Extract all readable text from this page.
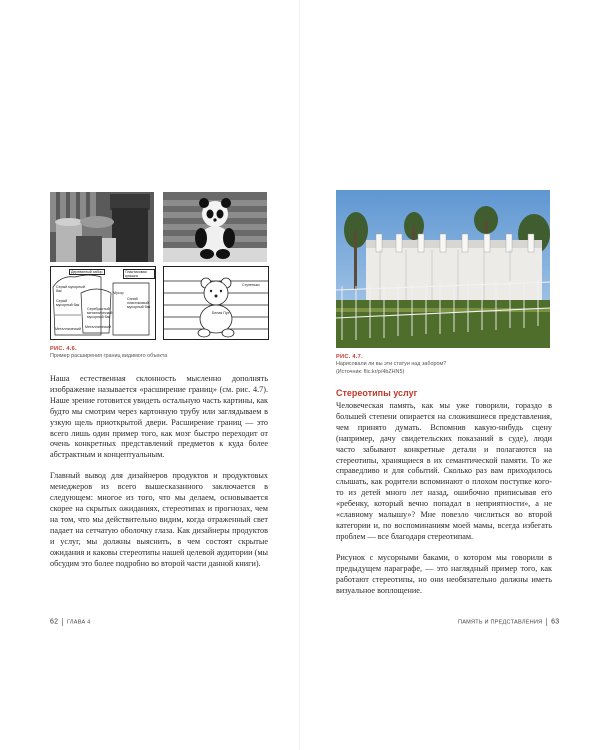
Деревянный забор	Пластиковая крышка
Серый мусорный бак
Серый мусорный бак
Мусор
Синий пластиковый мусорный бак
Серебристый металлический мусорный бак
Металлический
Металлический
Ступеньки
Белая Пух
РИС. 4.6.
Пример расширения границ видимого объекта

Наша естественная склонность мысленно дополнять изображение называется «расширение границ» (см. рис. 4.7). Наше зрение готовится увидеть остальную часть картины, как будто мы смотрим через картонную трубу или заглядываем в узкую щель приоткрытой двери. Расширение границ — это всего лишь один пример того, как мозг быстро переходит от очень конкретных представлений предметов к куда более абстрактным и концептуальным.

Главный вывод для дизайнеров продуктов и продуктовых менеджеров из всего вышесказанного заключается в следующем: многое из того, что мы делаем, основывается скорее на скрытых ожиданиях, стереотипах и прогнозах, чем на том, что мы действительно видим, когда отраженный свет падает на сетчатую оболочку глаза. Как дизайнеры продуктов и услуг, мы должны выяснить, в чем состоят скрытые ожидания и каковы стереотипы нашей целевой аудитории (мы обсудим это более подробно во второй части данной книги).

62 ГЛАВА 4
РИС. 4.7.
Нарисовали ли вы эти статуи над забором?
(Источник: flic.kr/p/4bZHN5)
Стереотипы услуг

Человеческая память, как мы уже говорили, гораздо в большей степени опирается на сложившиеся представления, чем принято думать. Вспомнив какую-нибудь сцену (например, дачу свидетельских показаний в суде), люди часто забывают конкретные детали и полагаются на стереотипы, хранящиеся в их семантической памяти. То же справедливо и для событий. Сколько раз вам приходилось слышать, как родители вспоминают о плохом поступке кого-то из детей много лет назад, ошибочно приписывая его «ребенку, который вечно попадал в неприятности», а не «славному малышу»? Мне повезло числиться во второй категории и, по воспоминаниям моей мамы, всегда избегать проблем — все благодаря стереотипам.

Рисунок с мусорными баками, о котором мы говорили в предыдущем параграфе, — это наглядный пример того, как работают стереотипы, но они необязательно должны иметь визуальное воплощение.

ПАМЯТЬ И ПРЕДСТАВЛЕНИЯ 63
